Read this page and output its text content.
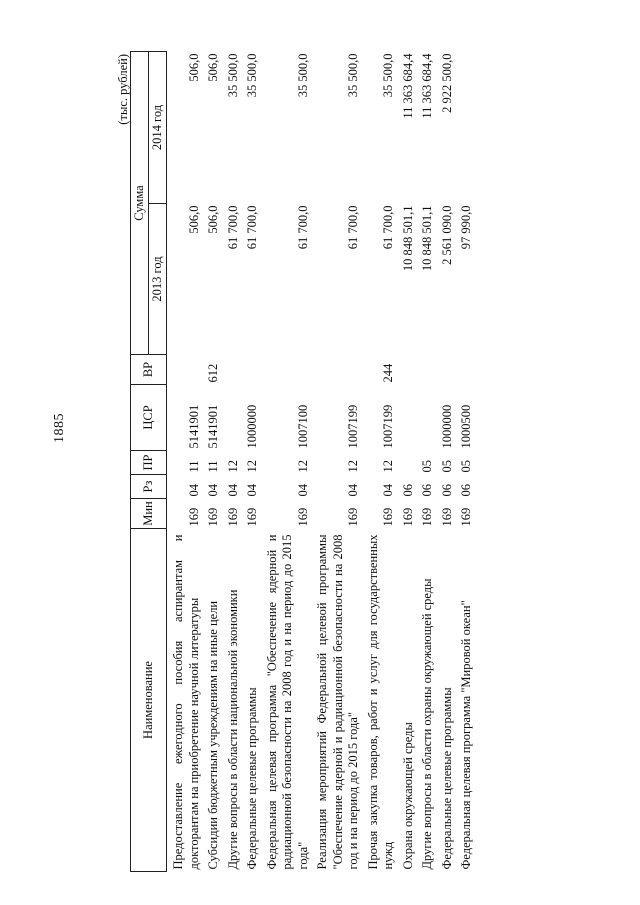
1885
(тыс. рублей)
Наименование	Мин	Рз	ПР	ЦСР	ВР	Сумма	
						2013 год	2014 год
Предоставление ежегодного пособия аспирантам и докторантам на приобретение научной литературы	169	04	11	5141901		506,0	506,0
Субсидии бюджетным учреждениям на иные цели	169	04	11	5141901	612	506,0	506,0
Другие вопросы в области национальной экономики	169	04	12			61 700,0	35 500,0
Федеральные целевые программы	169	04	12	1000000		61 700,0	35 500,0
Федеральная целевая программа "Обеспечение ядерной и радиационной безопасности на 2008 год и на период до 2015 года"	169	04	12	1007100		61 700,0	35 500,0
Реализация мероприятий Федеральной целевой программы "Обеспечение ядерной и радиационной безопасности на 2008 год и на период до 2015 года"	169	04	12	1007199		61 700,0	35 500,0
Прочая закупка товаров, работ и услуг для государственных нужд	169	04	12	1007199	244	61 700,0	35 500,0
Охрана окружающей среды	169	06				10 848 501,1	11 363 684,4
Другие вопросы в области охраны окружающей среды	169	06	05			10 848 501,1	11 363 684,4
Федеральные целевые программы	169	06	05	1000000		2 561 090,0	2 922 500,0
Федеральная целевая программа "Мировой океан"	169	06	05	1000500		97 990,0	
